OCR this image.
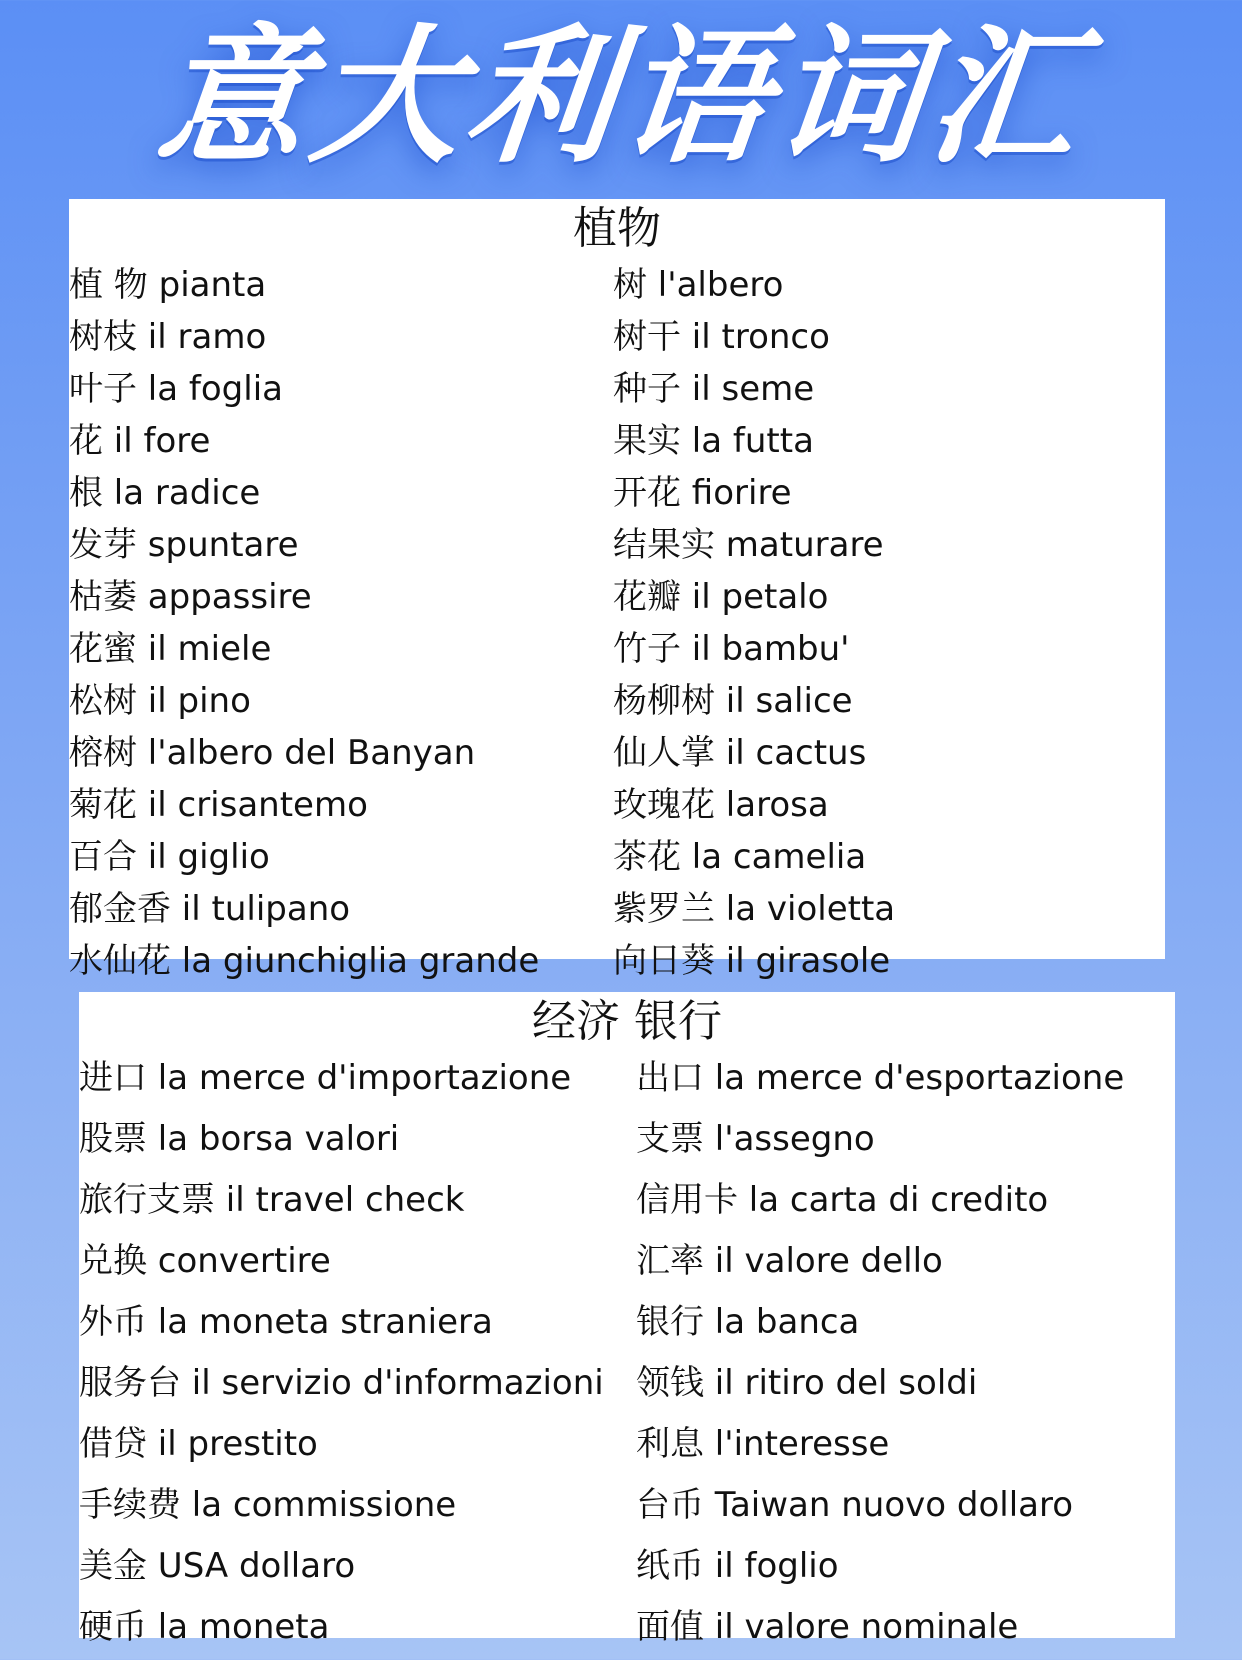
意大利语词汇
植物
植 物 pianta	树 l'albero
树枝 il ramo	树干 il tronco
叶子 la foglia	种子 il seme
花 il fore	果实 la futta
根 la radice	开花 fiorire
发芽 spuntare	结果实 maturare
枯萎 appassire	花瓣 il petalo
花蜜 il miele	竹子 il bambu'
松树 il pino	杨柳树 il salice
榕树 l'albero del Banyan	仙人掌 il cactus
菊花 il crisantemo	玫瑰花 larosa
百合 il giglio	茶花 la camelia
郁金香 il tulipano	紫罗兰 la violetta
水仙花 la giunchiglia grande	向日葵 il girasole
经济 银行
进口 la merce d'importazione	出口 la merce d'esportazione
股票 la borsa valori	支票 l'assegno
旅行支票 il travel check	信用卡 la carta di credito
兑换 convertire	汇率 il valore dello
外币 la moneta straniera	银行 la banca
服务台 il servizio d'informazioni 领钱 il ritiro del soldi
借贷 il prestito	利息 l'interesse
手续费 la commissione	台币 Taiwan nuovo dollaro
美金 USA dollaro	纸币 il foglio
硬币 la moneta	面值 il valore nominale
